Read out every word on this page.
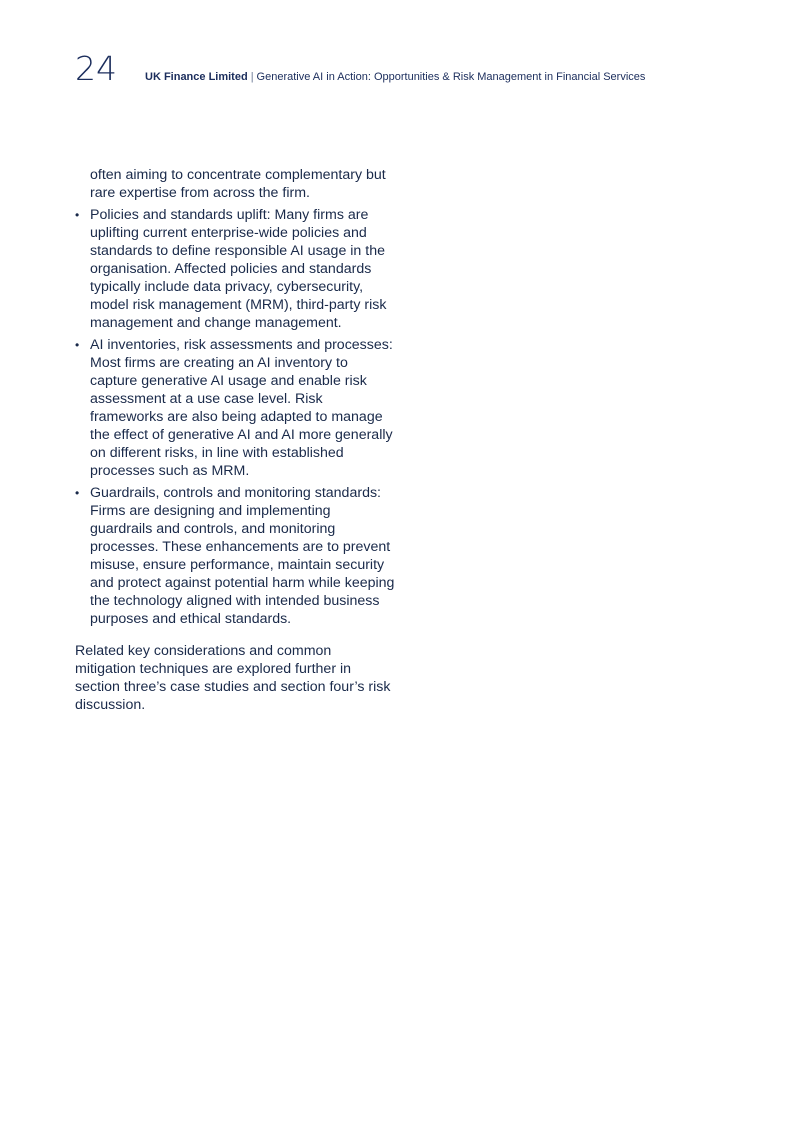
24	UK Finance Limited | Generative AI in Action: Opportunities & Risk Management in Financial Services

often aiming to concentrate complementary but rare expertise from across the firm.

• Policies and standards uplift: Many firms are uplifting current enterprise-wide policies and standards to define responsible AI usage in the organisation. Affected policies and standards typically include data privacy, cybersecurity, model risk management (MRM), third-party risk management and change management.
• AI inventories, risk assessments and processes: Most firms are creating an AI inventory to capture generative AI usage and enable risk assessment at a use case level. Risk frameworks are also being adapted to manage the effect of generative AI and AI more generally on different risks, in line with established processes such as MRM.
• Guardrails, controls and monitoring standards: Firms are designing and implementing guardrails and controls, and monitoring processes. These enhancements are to prevent misuse, ensure performance, maintain security and protect against potential harm while keeping the technology aligned with intended business purposes and ethical standards.

Related key considerations and common mitigation techniques are explored further in section three’s case studies and section four’s risk discussion.
